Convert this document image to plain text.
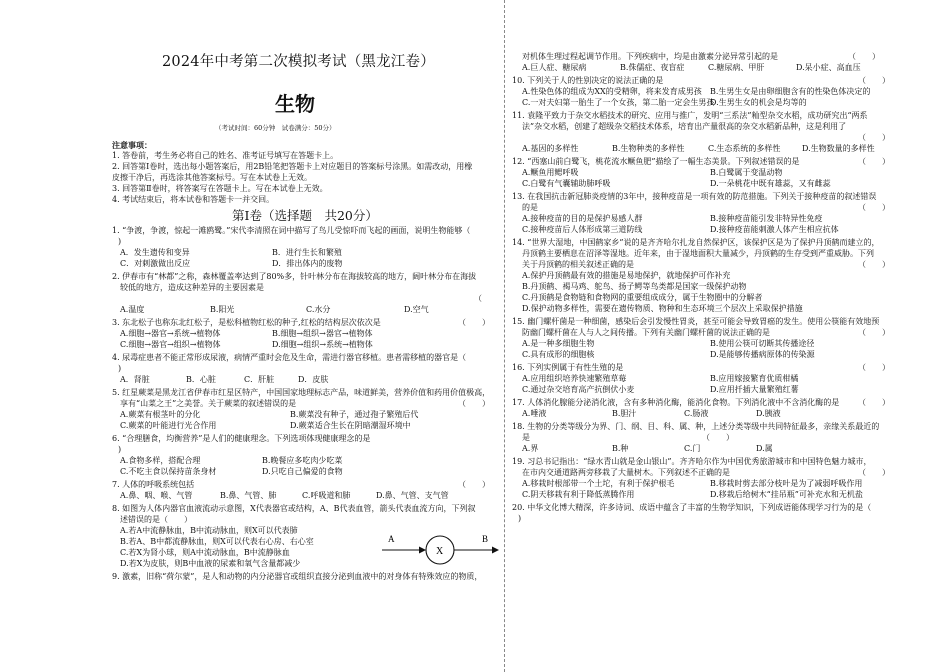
2024年中考第二次模拟考试（黑龙江卷）
生物
（考试时间：60分钟　试卷满分：50分）
注意事项：
1. 答卷前，考生务必将自己的姓名、准考证号填写在答题卡上。
2. 回答第Ⅰ卷时，选出每小题答案后，用2B铅笔把答题卡上对应题目的答案标号涂黑。如需改动，用橡
皮擦干净后，再选涂其他答案标号。写在本试卷上无效。
3. 回答第Ⅱ卷时，将答案写在答题卡上。写在本试卷上无效。
4. 考试结束后，将本试卷和答题卡一并交回。
第Ⅰ卷（选择题　共20分）
1. “争渡，争渡，惊起一滩鸥鹭。”宋代李清照在词中描写了鸟儿受惊吓而飞起的画面，说明生物能够（
)
A．发生遗传和变异	B．进行生长和繁殖
C．对刺激做出反应	D．排出体内的废物
2. 伊春市有“林都”之称，森林覆盖率达到了80%多，针叶林分布在海拔较高的地方，阔叶林分布在海拔
较低的地方，造成这种差异的主要因素是
（
A.温度	B.阳光	C.水分	D.空气
3. 东北松子也称东北红松子，是松科植物红松的种子,红松的结构层次依次是	（　　）
A.细胞→器官→系统→植物体	B.细胞→组织→器官→植物体
C.细胞→器官→组织→植物体	D.细胞→组织→系统→植物体
4. 尿毒症患者不能正常形成尿液，病情严重时会危及生命，需进行器官移植。患者需移植的器官是（
)
A．肾脏	B．心脏	C．肝脏	D．皮肤
5. 红星蕨菜是黑龙江省伊春市红星区特产，中国国家地理标志产品，味道鲜美，营养价值和药用价值极高，
享有“山菜之王”之美誉。关于蕨菜的叙述错误的是	（　　）
A.蕨菜有根茎叶的分化	B.蕨菜没有种子，通过孢子繁殖后代
C.蕨菜的叶能进行光合作用	D.蕨菜适合生长在阴暗潮湿环境中
6. “合理膳食，均衡营养”是人们的健康理念。下列选项体现健康理念的是
)
A.食物多样，搭配合理	B.晚餐应多吃肉少吃菜
C.不吃主食以保持苗条身材	D.只吃自己偏爱的食物
7. 人体的呼吸系统包括	（　　）
A.鼻、咽、喉、气管	B.鼻、气管、肺	C.呼吸道和肺	D.鼻、气管、支气管
8. 如图为人体内器官血液流动示意图，X代表器官或结构，A、B代表血管，箭头代表血流方向，下列叙
述错误的是（　　）
A.若A中流静脉血，B中流动脉血，则X可以代表肺
B.若A、B中都流静脉血，则X可以代表右心房、右心室
C.若X为肾小球，则A中流动脉血，B中流静脉血
D.若X为皮肤，则B中血液的尿素和氧气含量都减少
A
X
B
9. 激素，旧称“荷尔蒙”，是人和动物的内分泌器官或组织直接分泌到血液中的对身体有特殊效应的物质，
对机体生理过程起调节作用。下列疾病中，均是由激素分泌异常引起的是	（　　）
A.巨人症、糖尿病	B.侏儒症、夜盲症	C.糖尿病、甲肝	D.呆小症、高血压
10. 下列关于人的性别决定的说法正确的是	（　　）
A.性染色体的组成为XX的受精卵，将来发育成男孩 B.生男生女是由卵细胞含有的性染色体决定的
C.一对夫妇第一胎生了一个女孩，第二胎一定会生男孩
D.生男生女的机会是均等的
11. 袁隆平致力于杂交水稻技术的研究、应用与推广，发明“三系法”籼型杂交水稻，成功研究出“两系
法”杂交水稻，创建了超级杂交稻技术体系，培育出产量很高的杂交水稻新品种，这是利用了
（　　）
A.基因的多样性	B.生物种类的多样性	C.生态系统的多样性	D.生物数量的多样性
12. “西塞山前白鹭飞，桃花流水鳜鱼肥”描绘了一幅生态美景。下列叙述错误的是	（　　）
A.鳜鱼用鳃呼吸	B.白鹭属于变温动物
C.白鹭有气囊辅助肺呼吸	D.一朵桃花中既有雄蕊，又有雌蕊
13. 在我国抗击新冠肺炎疫情的3年中，接种疫苗是一项有效的防范措施。下列关于接种疫苗的叙述错误
的是	（　　）
A.接种疫苗的目的是保护易感人群	B.接种疫苗能引发非特异性免疫
C.接种疫苗后人体形成第三道防线	D.接种疫苗能刺激人体产生相应抗体
14. “世界大湿地，中国鹤家乡”说的是齐齐哈尔扎龙自然保护区，该保护区是为了保护丹顶鹤而建立的，
丹顶鹤主要栖息在沼泽等湿地。近年来，由于湿地面积大量减少，丹顶鹤的生存受到严重威胁。下列
关于丹顶鹤的相关叙述正确的是	（　　）
A.保护丹顶鹤最有效的措施是易地保护，就地保护可作补充
B.丹顶鹤、褐马鸡、鸵鸟、扬子鳄等鸟类都是国家一级保护动物
C.丹顶鹤是食物链和食物网的重要组成成分，属于生物圈中的分解者
D.保护动物多样性，需要在遗传物质、物种和生态环境三个层次上采取保护措施
15. 幽门螺杆菌是一种细菌，感染后会引发慢性胃炎，甚至可能会导致胃癌的发生。使用公筷能有效地预
防幽门螺杆菌在人与人之间传播。下列有关幽门螺杆菌的说法正确的是	（　　）
A.是一种多细胞生物	B.使用公筷可切断其传播途径
C.具有成形的细胞核	D.是能够传播病原体的传染源
16. 下列实例属于有性生殖的是	（　　）
A.应用组织培养快速繁殖草莓	B.应用嫁接繁育优质柑橘
C.通过杂交培育高产抗倒伏小麦	D.应用扦插大量繁殖红薯
17. 人体消化腺能分泌消化液，含有多种消化酶，能消化食物。下列消化液中不含消化酶的是 （　　）
A.唾液	B.胆汁	C.肠液	D.胰液
18. 生物的分类等级分为界、门、纲、目、科、属、种，上述分类等级中共同特征最多，亲缘关系最近的
是	（　　）
A.界	B.种	C.门	D.属
19. 习总书记指出：“绿水青山就是金山银山”。齐齐哈尔作为中国优秀旅游城市和中国特色魅力城市，
在市内交通道路两旁移栽了大量树木。下列叙述不正确的是	（　　）
A.移栽时根部带一个土坨，有利于保护根毛	B.移栽时剪去部分枝叶是为了减弱呼吸作用
C.阴天移栽有利于降低蒸腾作用	D.移栽后给树木“挂吊瓶”可补充水和无机盐
20. 中华文化博大精深，许多诗词、成语中蕴含了丰富的生物学知识，下列成语能体现学习行为的是（
)
